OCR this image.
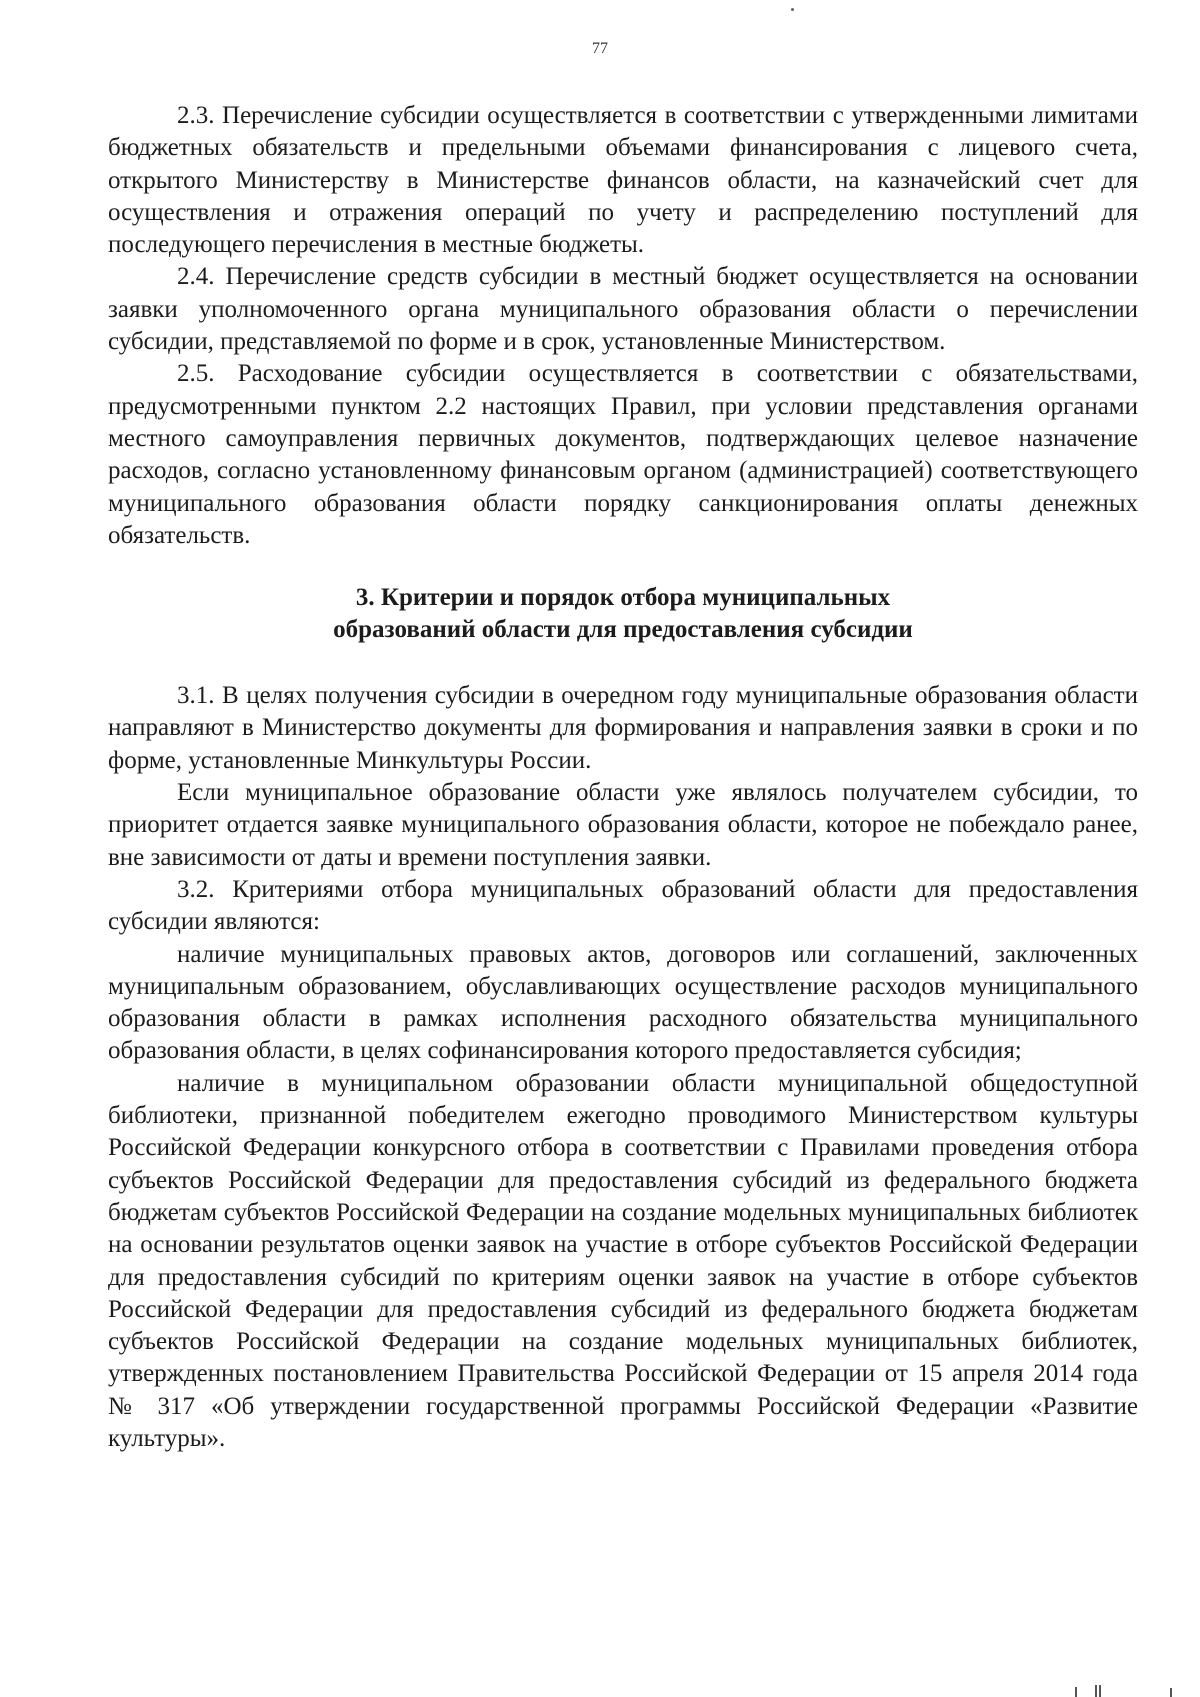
77

2.3. Перечисление субсидии осуществляется в соответствии с утвержденными лимитами бюджетных обязательств и предельными объемами финансирования с лицевого счета, открытого Министерству в Министерстве финансов области, на казначейский счет для осуществления и отражения операций по учету и распределению поступлений для последующего перечисления в местные бюджеты.

2.4. Перечисление средств субсидии в местный бюджет осуществляется на основании заявки уполномоченного органа муниципального образования области о перечислении субсидии, представляемой по форме и в срок, установленные Министерством.

2.5. Расходование субсидии осуществляется в соответствии с обязательствами, предусмотренными пунктом 2.2 настоящих Правил, при условии представления органами местного самоуправления первичных документов, подтверждающих целевое назначение расходов, согласно установленному финансовым органом (администрацией) соответствующего муниципального образования области порядку санкционирования оплаты денежных обязательств.

3. Критерии и порядок отбора муниципальных
образований области для предоставления субсидии

3.1. В целях получения субсидии в очередном году муниципальные образования области направляют в Министерство документы для формирования и направления заявки в сроки и по форме, установленные Минкультуры России.

Если муниципальное образование области уже являлось получателем субсидии, то приоритет отдается заявке муниципального образования области, которое не побеждало ранее, вне зависимости от даты и времени поступления заявки.

3.2. Критериями отбора муниципальных образований области для предоставления субсидии являются:

наличие муниципальных правовых актов, договоров или соглашений, заключенных муниципальным образованием, обуславливающих осуществление расходов муниципального образования области в рамках исполнения расходного обязательства муниципального образования области, в целях софинансирования которого предоставляется субсидия;

наличие в муниципальном образовании области муниципальной общедоступной библиотеки, признанной победителем ежегодно проводимого Министерством культуры Российской Федерации конкурсного отбора в соответствии с Правилами проведения отбора субъектов Российской Федерации для предоставления субсидий из федерального бюджета бюджетам субъектов Российской Федерации на создание модельных муниципальных библиотек на основании результатов оценки заявок на участие в отборе субъектов Российской Федерации для предоставления субсидий по критериям оценки заявок на участие в отборе субъектов Российской Федерации для предоставления субсидий из федерального бюджета бюджетам субъектов Российской Федерации на создание модельных муниципальных библиотек, утвержденных постановлением Правительства Российской Федерации от 15 апреля 2014 года № 317 «Об утверждении государственной программы Российской Федерации «Развитие культуры».
